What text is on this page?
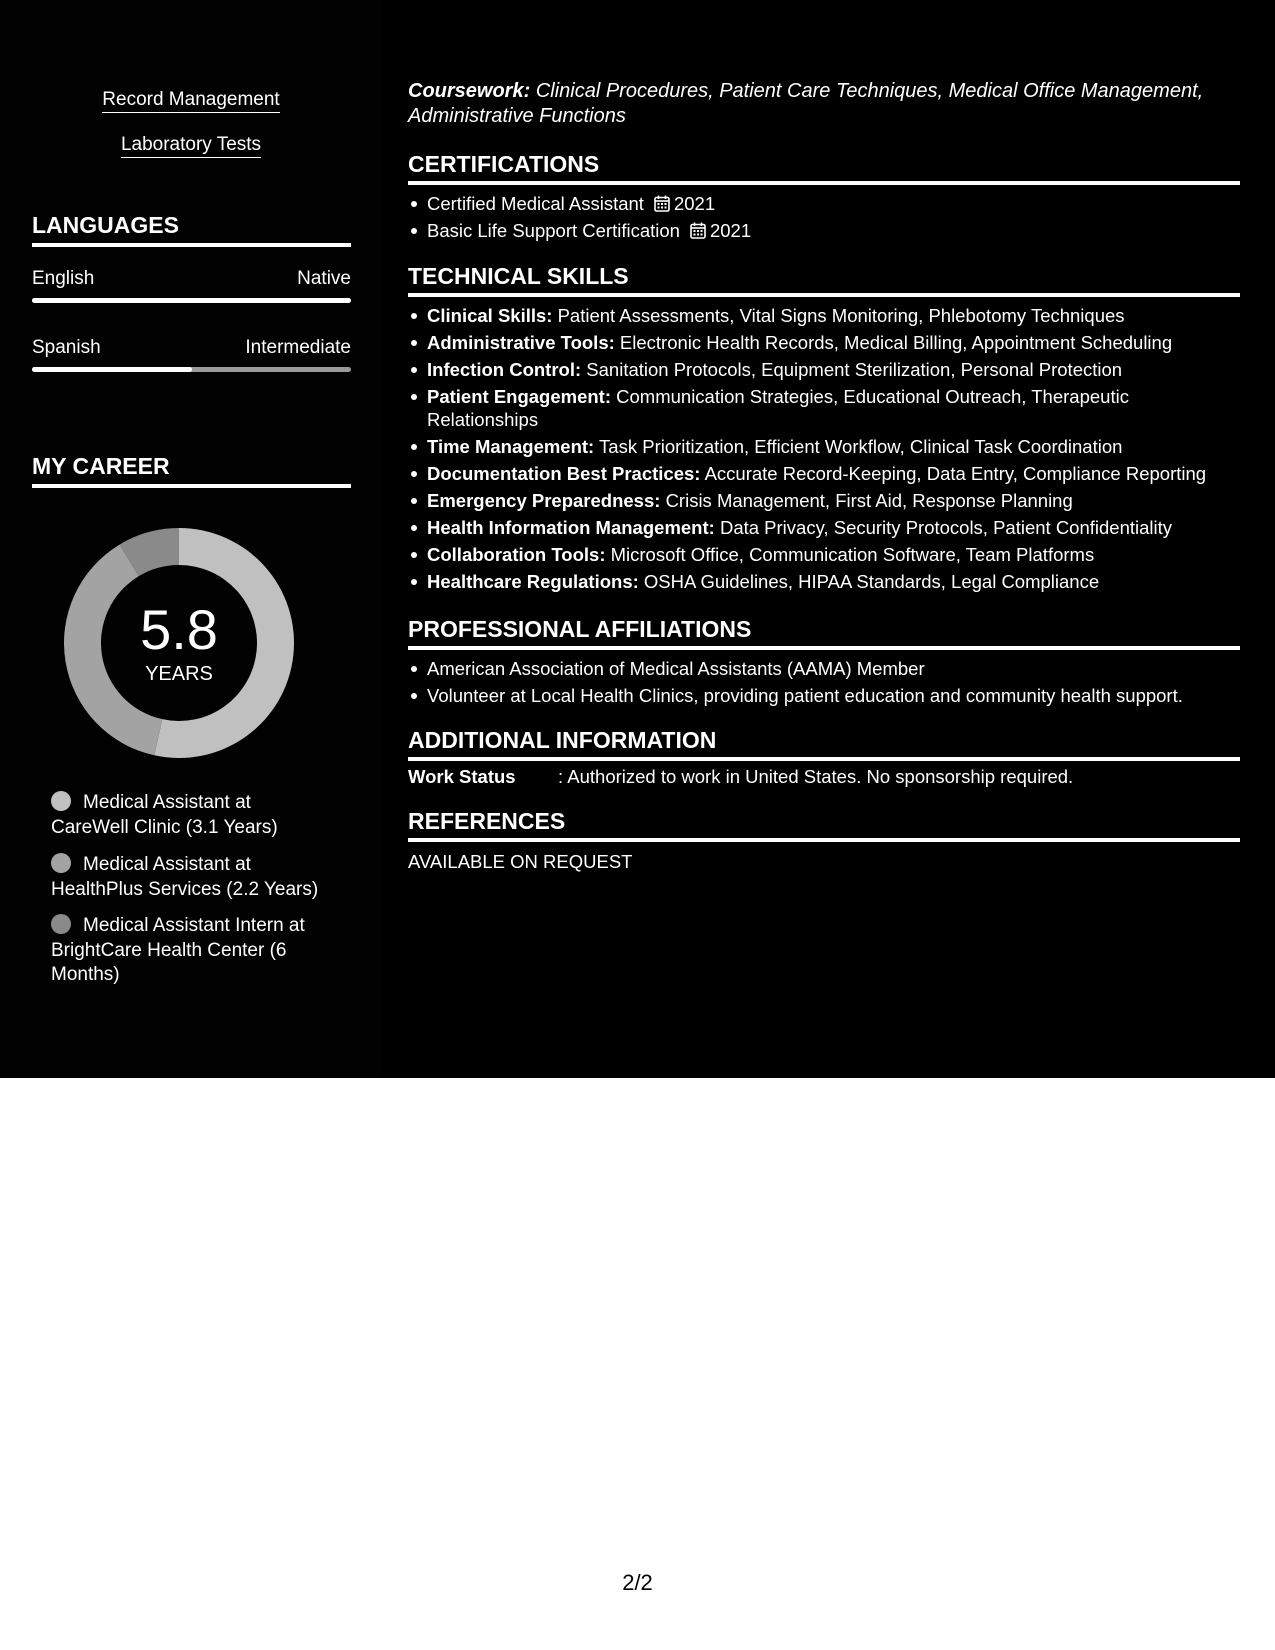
Record Management
Laboratory Tests
LANGUAGES
English	Native
Spanish	Intermediate
MY CAREER
5.8
YEARS
Medical Assistant at CareWell Clinic (3.1 Years)
Medical Assistant at HealthPlus Services (2.2 Years)
Medical Assistant Intern at BrightCare Health Center (6 Months)
Coursework: Clinical Procedures, Patient Care Techniques, Medical Office Management, Administrative Functions
CERTIFICATIONS
Certified Medical Assistant 2021
Basic Life Support Certification 2021
TECHNICAL SKILLS
Clinical Skills: Patient Assessments, Vital Signs Monitoring, Phlebotomy Techniques
Administrative Tools: Electronic Health Records, Medical Billing, Appointment Scheduling
Infection Control: Sanitation Protocols, Equipment Sterilization, Personal Protection
Patient Engagement: Communication Strategies, Educational Outreach, Therapeutic Relationships
Time Management: Task Prioritization, Efficient Workflow, Clinical Task Coordination
Documentation Best Practices: Accurate Record-Keeping, Data Entry, Compliance Reporting
Emergency Preparedness: Crisis Management, First Aid, Response Planning
Health Information Management: Data Privacy, Security Protocols, Patient Confidentiality
Collaboration Tools: Microsoft Office, Communication Software, Team Platforms
Healthcare Regulations: OSHA Guidelines, HIPAA Standards, Legal Compliance
PROFESSIONAL AFFILIATIONS
American Association of Medical Assistants (AAMA) Member
Volunteer at Local Health Clinics, providing patient education and community health support.
ADDITIONAL INFORMATION
Work Status : Authorized to work in United States. No sponsorship required.
REFERENCES
AVAILABLE ON REQUEST
2/2
